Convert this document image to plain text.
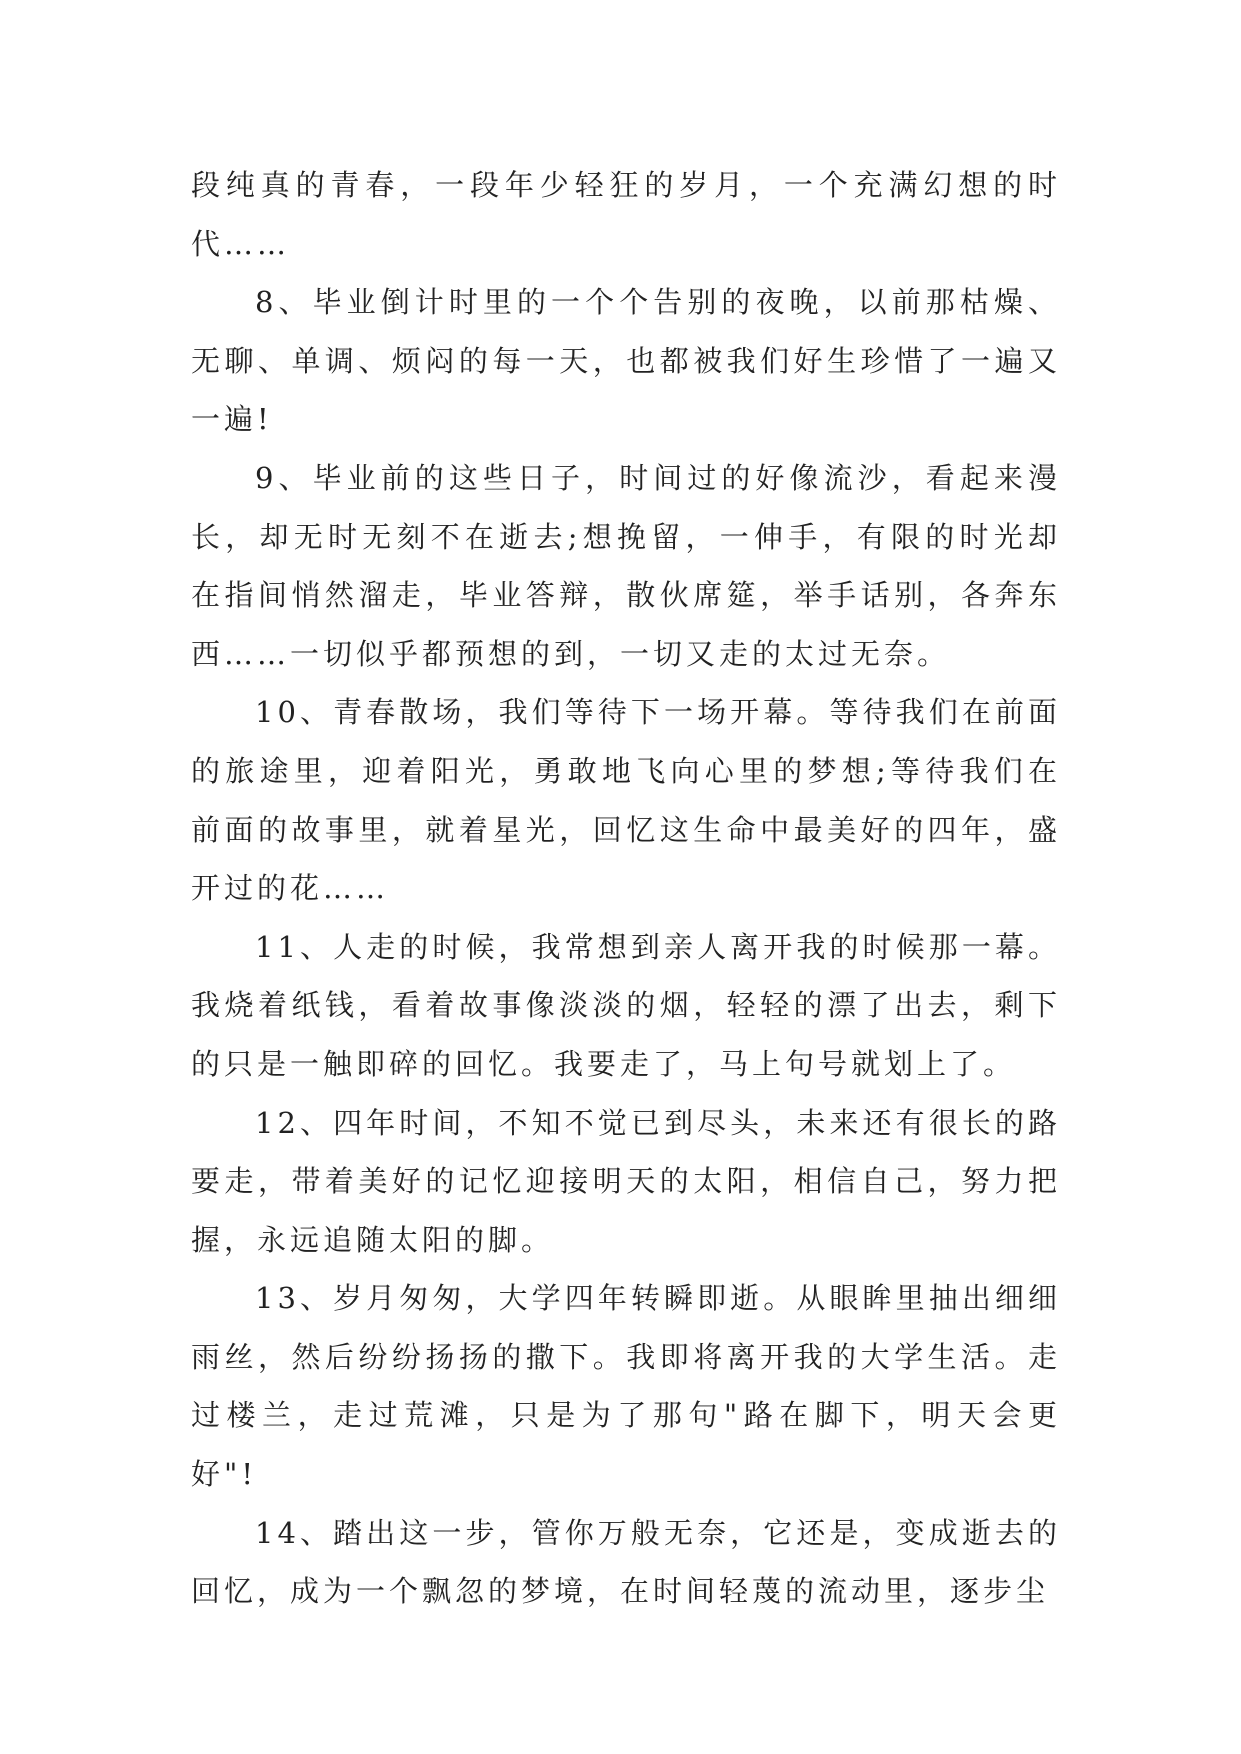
段纯真的青春，一段年少轻狂的岁月，一个充满幻想的时代……

8、毕业倒计时里的一个个告别的夜晚，以前那枯燥、无聊、单调、烦闷的每一天，也都被我们好生珍惜了一遍又一遍!

9、毕业前的这些日子，时间过的好像流沙，看起来漫长，却无时无刻不在逝去;想挽留，一伸手，有限的时光却在指间悄然溜走，毕业答辩，散伙席筵，举手话别，各奔东西……一切似乎都预想的到，一切又走的太过无奈。

10、青春散场，我们等待下一场开幕。等待我们在前面的旅途里，迎着阳光，勇敢地飞向心里的梦想;等待我们在前面的故事里，就着星光，回忆这生命中最美好的四年，盛开过的花……

11、人走的时候，我常想到亲人离开我的时候那一幕。我烧着纸钱，看着故事像淡淡的烟，轻轻的漂了出去，剩下的只是一触即碎的回忆。我要走了，马上句号就划上了。

12、四年时间，不知不觉已到尽头，未来还有很长的路要走，带着美好的记忆迎接明天的太阳，相信自己，努力把握，永远追随太阳的脚。

13、岁月匆匆，大学四年转瞬即逝。从眼眸里抽出细细雨丝，然后纷纷扬扬的撒下。我即将离开我的大学生活。走过楼兰，走过荒滩，只是为了那句"路在脚下，明天会更好"!

14、踏出这一步，管你万般无奈，它还是，变成逝去的回忆，成为一个飘忽的梦境，在时间轻蔑的流动里，逐步尘
